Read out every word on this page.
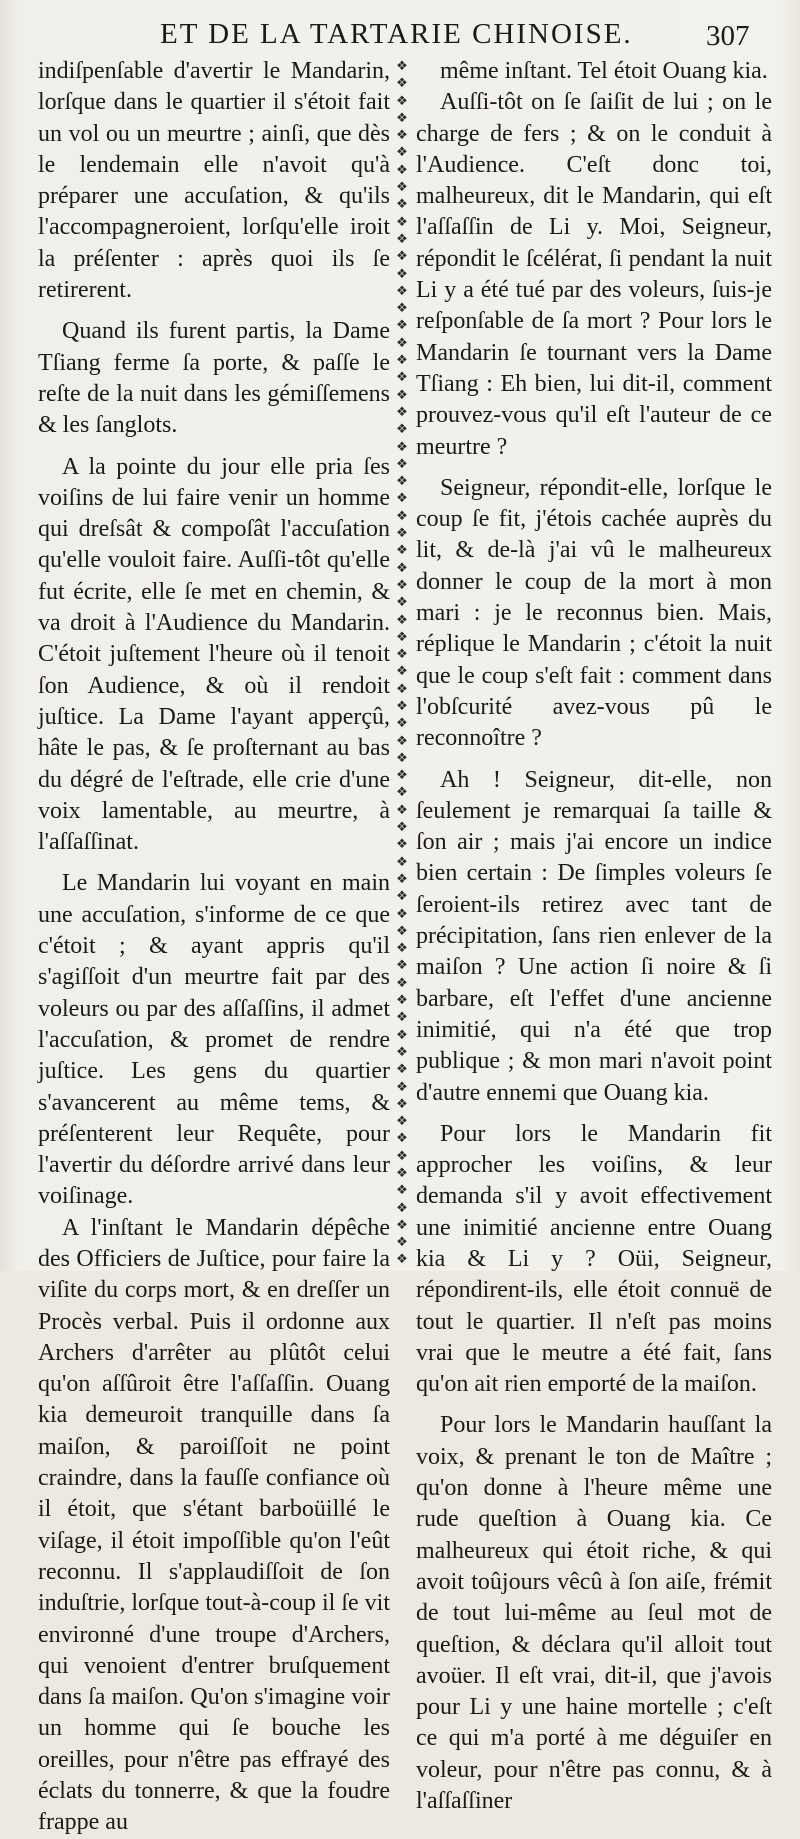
ET DE LA TARTARIE CHINOISE.	307

indiſpenſable d'avertir le Mandarin, lorſque dans le quartier il s'étoit fait un vol ou un meurtre ; ainſi, que dès le lendemain elle n'avoit qu'à préparer une accuſation, & qu'ils l'accompagneroient, lorſqu'elle iroit la préſenter : après quoi ils ſe retirerent.

Quand ils furent partis, la Dame Tſiang ferme ſa porte, & paſſe le reſte de la nuit dans les gémiſſemens & les ſanglots.

A la pointe du jour elle pria ſes voiſins de lui faire venir un homme qui dreſsât & compoſât l'accuſation qu'elle vouloit faire. Auſſi-tôt qu'elle fut écrite, elle ſe met en chemin, & va droit à l'Audience du Mandarin. C'étoit juſtement l'heure où il tenoit ſon Audience, & où il rendoit juſtice. La Dame l'ayant apperçû, hâte le pas, & ſe proſternant au bas du dégré de l'eſtrade, elle crie d'une voix lamentable, au meurtre, à l'aſſaſſinat.

Le Mandarin lui voyant en main une accuſation, s'informe de ce que c'étoit ; & ayant appris qu'il s'agiſſoit d'un meurtre fait par des voleurs ou par des aſſaſſins, il admet l'accuſation, & promet de rendre juſtice. Les gens du quartier s'avancerent au même tems, & préſenterent leur Requête, pour l'avertir du déſordre arrivé dans leur voiſinage.

A l'inſtant le Mandarin dépêche des Officiers de Juſtice, pour faire la viſite du corps mort, & en dreſſer un Procès verbal. Puis il ordonne aux Archers d'arrêter au plûtôt celui qu'on aſſûroit être l'aſſaſſin. Ouang kia demeuroit tranquille dans ſa maiſon, & paroiſſoit ne point craindre, dans la fauſſe confiance où il étoit, que s'étant barboüillé le viſage, il étoit impoſſible qu'on l'eût reconnu. Il s'applaudiſſoit de ſon induſtrie, lorſque tout-à-coup il ſe vit environné d'une troupe d'Archers, qui venoient d'entrer bruſquement dans ſa maiſon. Qu'on s'imagine voir un homme qui ſe bouche les oreilles, pour n'être pas effrayé des éclats du tonnerre, & que la foudre frappe au

❖
❖
❖
❖
❖
❖
❖
❖
❖
❖
❖
❖
❖
❖
❖
❖
❖
❖
❖
❖
❖
❖
❖
❖
❖
❖
❖
❖
❖
❖
❖
❖
❖
❖
❖
❖
❖
❖
❖
❖
❖
❖
❖
❖
❖
❖
❖
❖
❖
❖
❖
❖
❖
❖
❖
❖
❖
❖
❖
❖
❖
❖
❖
❖
❖
❖
❖
❖
❖
❖

même inſtant. Tel étoit Ouang kia.

Auſſi-tôt on ſe ſaiſit de lui ; on le charge de fers ; & on le conduit à l'Audience. C'eſt donc toi, malheureux, dit le Mandarin, qui eſt l'aſſaſſin de Li y. Moi, Seigneur, répondit le ſcélérat, ſi pendant la nuit Li y a été tué par des voleurs, ſuis-je reſponſable de ſa mort ? Pour lors le Mandarin ſe tournant vers la Dame Tſiang : Eh bien, lui dit-il, comment prouvez-vous qu'il eſt l'auteur de ce meurtre ?

Seigneur, répondit-elle, lorſque le coup ſe fit, j'étois cachée auprès du lit, & de-là j'ai vû le malheureux donner le coup de la mort à mon mari : je le reconnus bien. Mais, réplique le Mandarin ; c'étoit la nuit que le coup s'eſt fait : comment dans l'obſcurité avez-vous pû le reconnoître ?

Ah ! Seigneur, dit-elle, non ſeulement je remarquai ſa taille & ſon air ; mais j'ai encore un indice bien certain : De ſimples voleurs ſe ſeroient-ils retirez avec tant de précipitation, ſans rien enlever de la maiſon ? Une action ſi noire & ſi barbare, eſt l'effet d'une ancienne inimitié, qui n'a été que trop publique ; & mon mari n'avoit point d'autre ennemi que Ouang kia.

Pour lors le Mandarin fit approcher les voiſins, & leur demanda s'il y avoit effectivement une inimitié ancienne entre Ouang kia & Li y ? Oüi, Seigneur, répondirent-ils, elle étoit connuë de tout le quartier. Il n'eſt pas moins vrai que le meutre a été fait, ſans qu'on ait rien emporté de la maiſon.

Pour lors le Mandarin hauſſant la voix, & prenant le ton de Maître ; qu'on donne à l'heure même une rude queſtion à Ouang kia. Ce malheureux qui étoit riche, & qui avoit toûjours vêcû à ſon aiſe, frémit de tout lui-même au ſeul mot de queſtion, & déclara qu'il alloit tout avoüer. Il eſt vrai, dit-il, que j'avois pour Li y une haine mortelle ; c'eſt ce qui m'a porté à me déguiſer en voleur, pour n'être pas connu, & à l'aſſaſſiner
